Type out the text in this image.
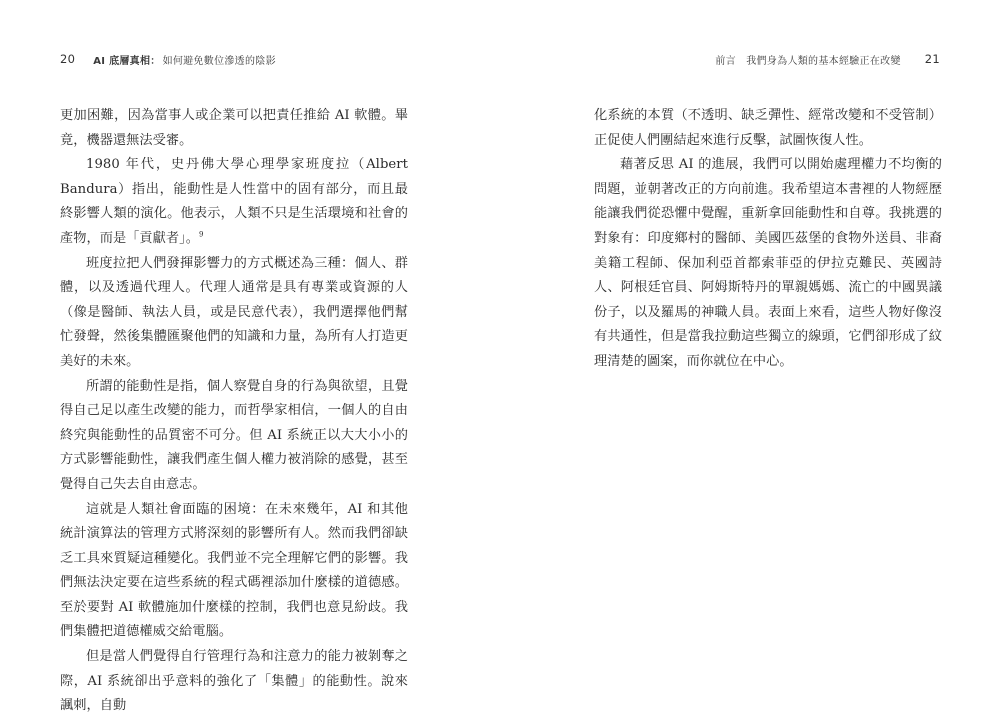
20 AI 底層真相： 如何避免數位滲透的陰影

更加困難，因為當事人或企業可以把責任推給 AI 軟體。畢竟，機器還無法受審。

1980 年代，史丹佛大學心理學家班度拉（Albert Bandura）指出，能動性是人性當中的固有部分，而且最終影響人類的演化。他表示，人類不只是生活環境和社會的產物，而是「貢獻者」。$^9$

班度拉把人們發揮影響力的方式概述為三種：個人、群體，以及透過代理人。代理人通常是具有專業或資源的人（像是醫師、執法人員，或是民意代表），我們選擇他們幫忙發聲，然後集體匯聚他們的知識和力量，為所有人打造更美好的未來。

所謂的能動性是指，個人察覺自身的行為與欲望，且覺得自己足以產生改變的能力，而哲學家相信，一個人的自由終究與能動性的品質密不可分。但 AI 系統正以大大小小的方式影響能動性，讓我們產生個人權力被消除的感覺，甚至覺得自己失去自由意志。

這就是人類社會面臨的困境：在未來幾年，AI 和其他統計演算法的管理方式將深刻的影響所有人。然而我們卻缺乏工具來質疑這種變化。我們並不完全理解它們的影響。我們無法決定要在這些系統的程式碼裡添加什麼樣的道德感。至於要對 AI 軟體施加什麼樣的控制，我們也意見紛歧。我們集體把道德權威交給電腦。

但是當人們覺得自行管理行為和注意力的能力被剝奪之際，AI 系統卻出乎意料的強化了「集體」的能動性。說來諷刺，自動

前言　我們身為人類的基本經驗正在改變 21

化系統的本質（不透明、缺乏彈性、經常改變和不受管制）正促使人們團結起來進行反擊，試圖恢復人性。

藉著反思 AI 的進展，我們可以開始處理權力不均衡的問題，並朝著改正的方向前進。我希望這本書裡的人物經歷能讓我們從恐懼中覺醒，重新拿回能動性和自尊。我挑選的對象有：印度鄉村的醫師、美國匹茲堡的食物外送員、非裔美籍工程師、保加利亞首都索菲亞的伊拉克難民、英國詩人、阿根廷官員、阿姆斯特丹的單親媽媽、流亡的中國異議份子，以及羅馬的神職人員。表面上來看，這些人物好像沒有共通性，但是當我拉動這些獨立的線頭，它們卻形成了紋理清楚的圖案，而你就位在中心。
